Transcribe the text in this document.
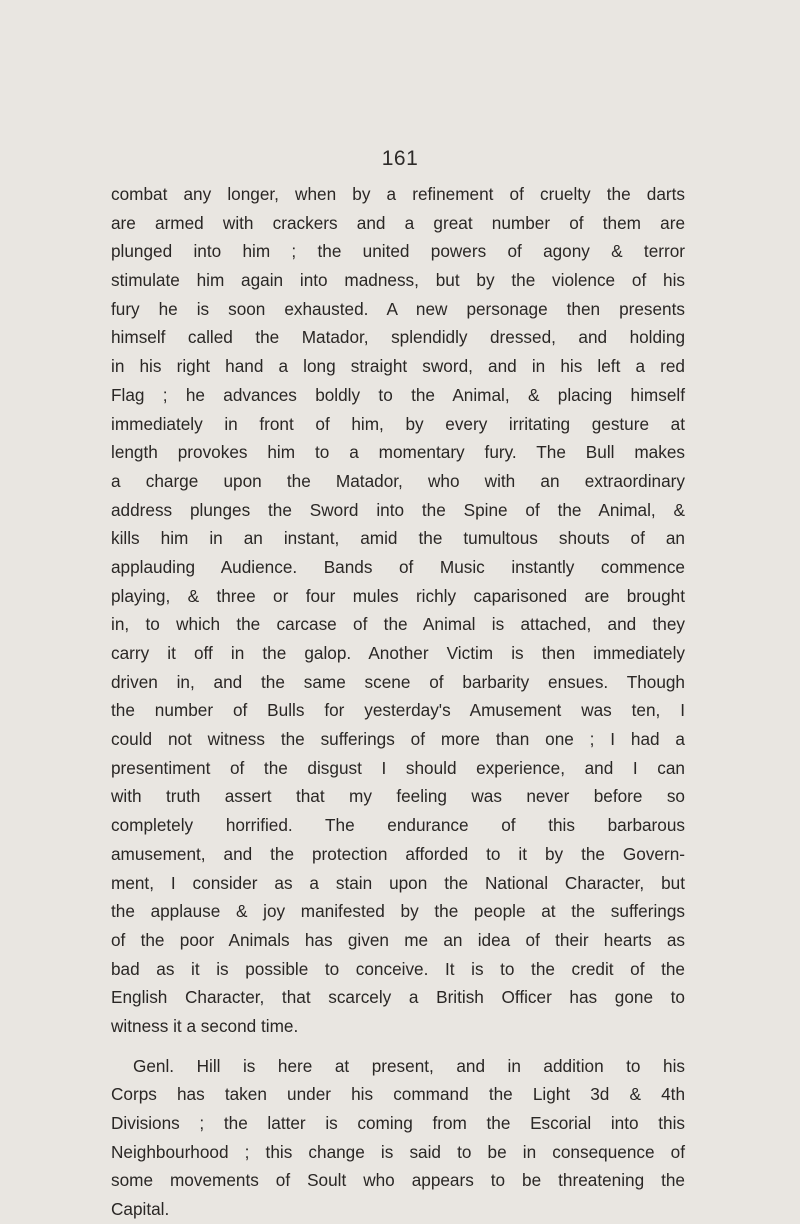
161
combat any longer, when by a refinement of cruelty the darts
are armed with crackers and a great number of them are
plunged into him ; the united powers of agony & terror
stimulate him again into madness, but by the violence of his
fury he is soon exhausted. A new personage then presents
himself called the Matador, splendidly dressed, and holding
in his right hand a long straight sword, and in his left a red
Flag ; he advances boldly to the Animal, & placing himself
immediately in front of him, by every irritating gesture at
length provokes him to a momentary fury. The Bull makes
a charge upon the Matador, who with an extraordinary
address plunges the Sword into the Spine of the Animal, &
kills him in an instant, amid the tumultous shouts of an
applauding Audience. Bands of Music instantly commence
playing, & three or four mules richly caparisoned are brought
in, to which the carcase of the Animal is attached, and they
carry it off in the galop. Another Victim is then immediately
driven in, and the same scene of barbarity ensues. Though
the number of Bulls for yesterday's Amusement was ten, I
could not witness the sufferings of more than one ; I had a
presentiment of the disgust I should experience, and I can
with truth assert that my feeling was never before so
completely horrified. The endurance of this barbarous
amusement, and the protection afforded to it by the Govern-
ment, I consider as a stain upon the National Character, but
the applause & joy manifested by the people at the sufferings
of the poor Animals has given me an idea of their hearts as
bad as it is possible to conceive. It is to the credit of the
English Character, that scarcely a British Officer has gone to
witness it a second time.
Genl. Hill is here at present, and in addition to his
Corps has taken under his command the Light 3d & 4th
Divisions ; the latter is coming from the Escorial into this
Neighbourhood ; this change is said to be in consequence of
some movements of Soult who appears to be threatening the
Capital.
